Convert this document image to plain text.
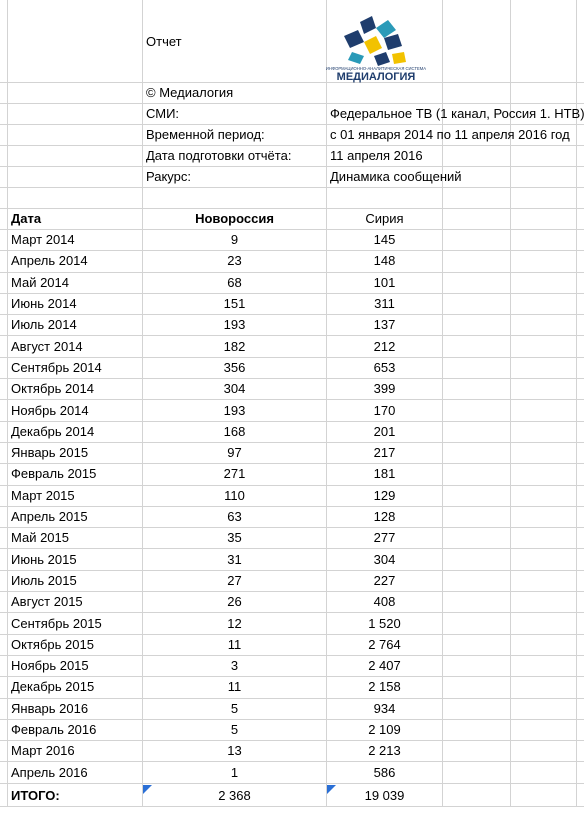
Отчет
ИНФОРМАЦИОННО-АНАЛИТИЧЕСКАЯ СИСТЕМА
МЕДИАЛОГИЯ
© Медиалогия
СМИ:	Федеральное ТВ (1 канал, Россия 1. НТВ)
Временной период:	с 01 января 2014 по 11 апреля 2016 год
Дата подготовки отчёта:	11 апреля 2016
Ракурс:	Динамика сообщений
Дата	Новороссия	Сирия
Март 2014	9	145
Апрель 2014	23	148
Май 2014	68	101
Июнь 2014	151	311
Июль 2014	193	137
Август 2014	182	212
Сентябрь 2014	356	653
Октябрь 2014	304	399
Ноябрь 2014	193	170
Декабрь 2014	168	201
Январь 2015	97	217
Февраль 2015	271	181
Март 2015	110	129
Апрель 2015	63	128
Май 2015	35	277
Июнь 2015	31	304
Июль 2015	27	227
Август 2015	26	408
Сентябрь 2015	12	1 520
Октябрь 2015	11	2 764
Ноябрь 2015	3	2 407
Декабрь 2015	11	2 158
Январь 2016	5	934
Февраль 2016	5	2 109
Март 2016	13	2 213
Апрель 2016	1	586
ИТОГО:	2 368	19 039
